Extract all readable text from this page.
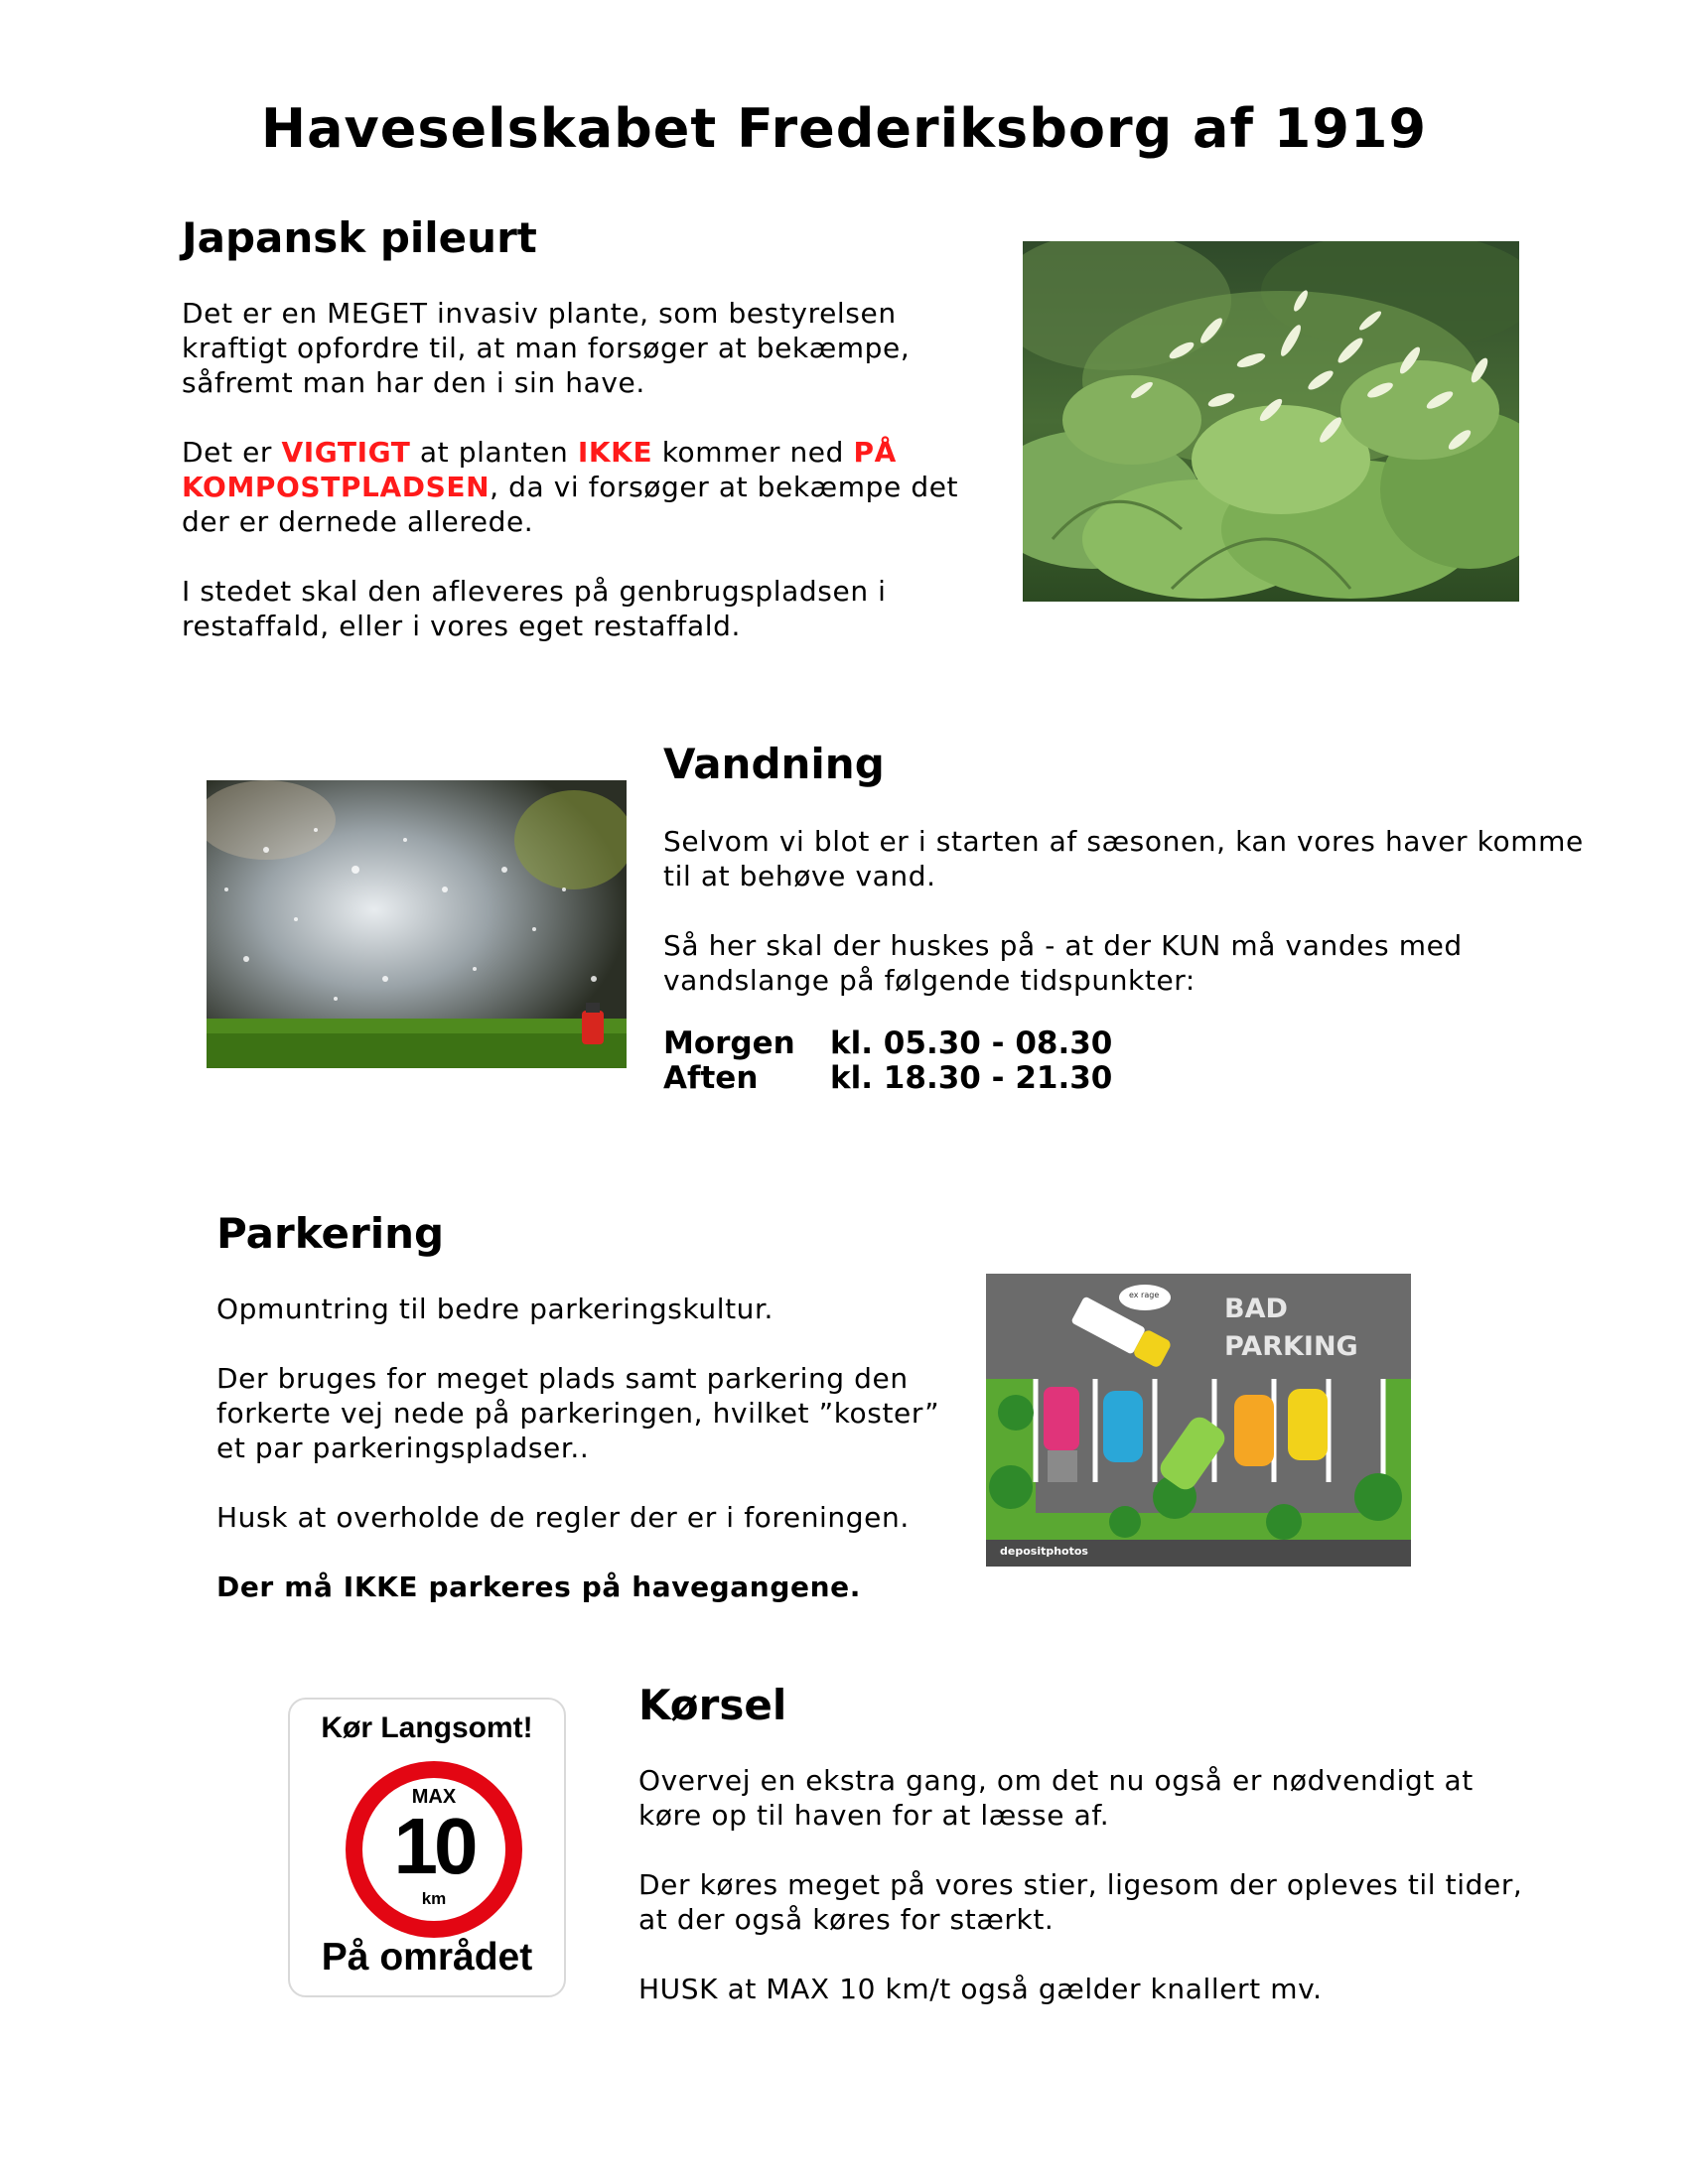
Haveselskabet Frederiksborg af 1919
Japansk pileurt

Det er en MEGET invasiv plante, som bestyrelsen kraftigt opfordre til, at man forsøger at bekæmpe, såfremt man har den i sin have.

Det er VIGTIGT at planten IKKE kommer ned PÅ KOMPOSTPLADSEN, da vi forsøger at bekæmpe det der er dernede allerede.

I stedet skal den afleveres på genbrugspladsen i restaffald, eller i vores eget restaffald.

Vandning

Selvom vi blot er i starten af sæsonen, kan vores haver komme til at behøve vand.

Så her skal der huskes på - at der KUN må vandes med vandslange på følgende tidspunkter:

Morgen kl. 05.30 - 08.30
Aften kl. 18.30 - 21.30
Parkering

Opmuntring til bedre parkeringskultur.

Der bruges for meget plads samt parkering den forkerte vej nede på parkeringen, hvilket ”koster” et par parkeringspladser..

Husk at overholde de regler der er i foreningen.

Der må IKKE parkeres på havegangene.

BAD
PARKING
ex rage
depositphotos
Kør Langsomt!
MAX
10
km
På området
Kørsel

Overvej en ekstra gang, om det nu også er nødvendigt at køre op til haven for at læsse af.

Der køres meget på vores stier, ligesom der opleves til tider, at der også køres for stærkt.

HUSK at MAX 10 km/t også gælder knallert mv.
